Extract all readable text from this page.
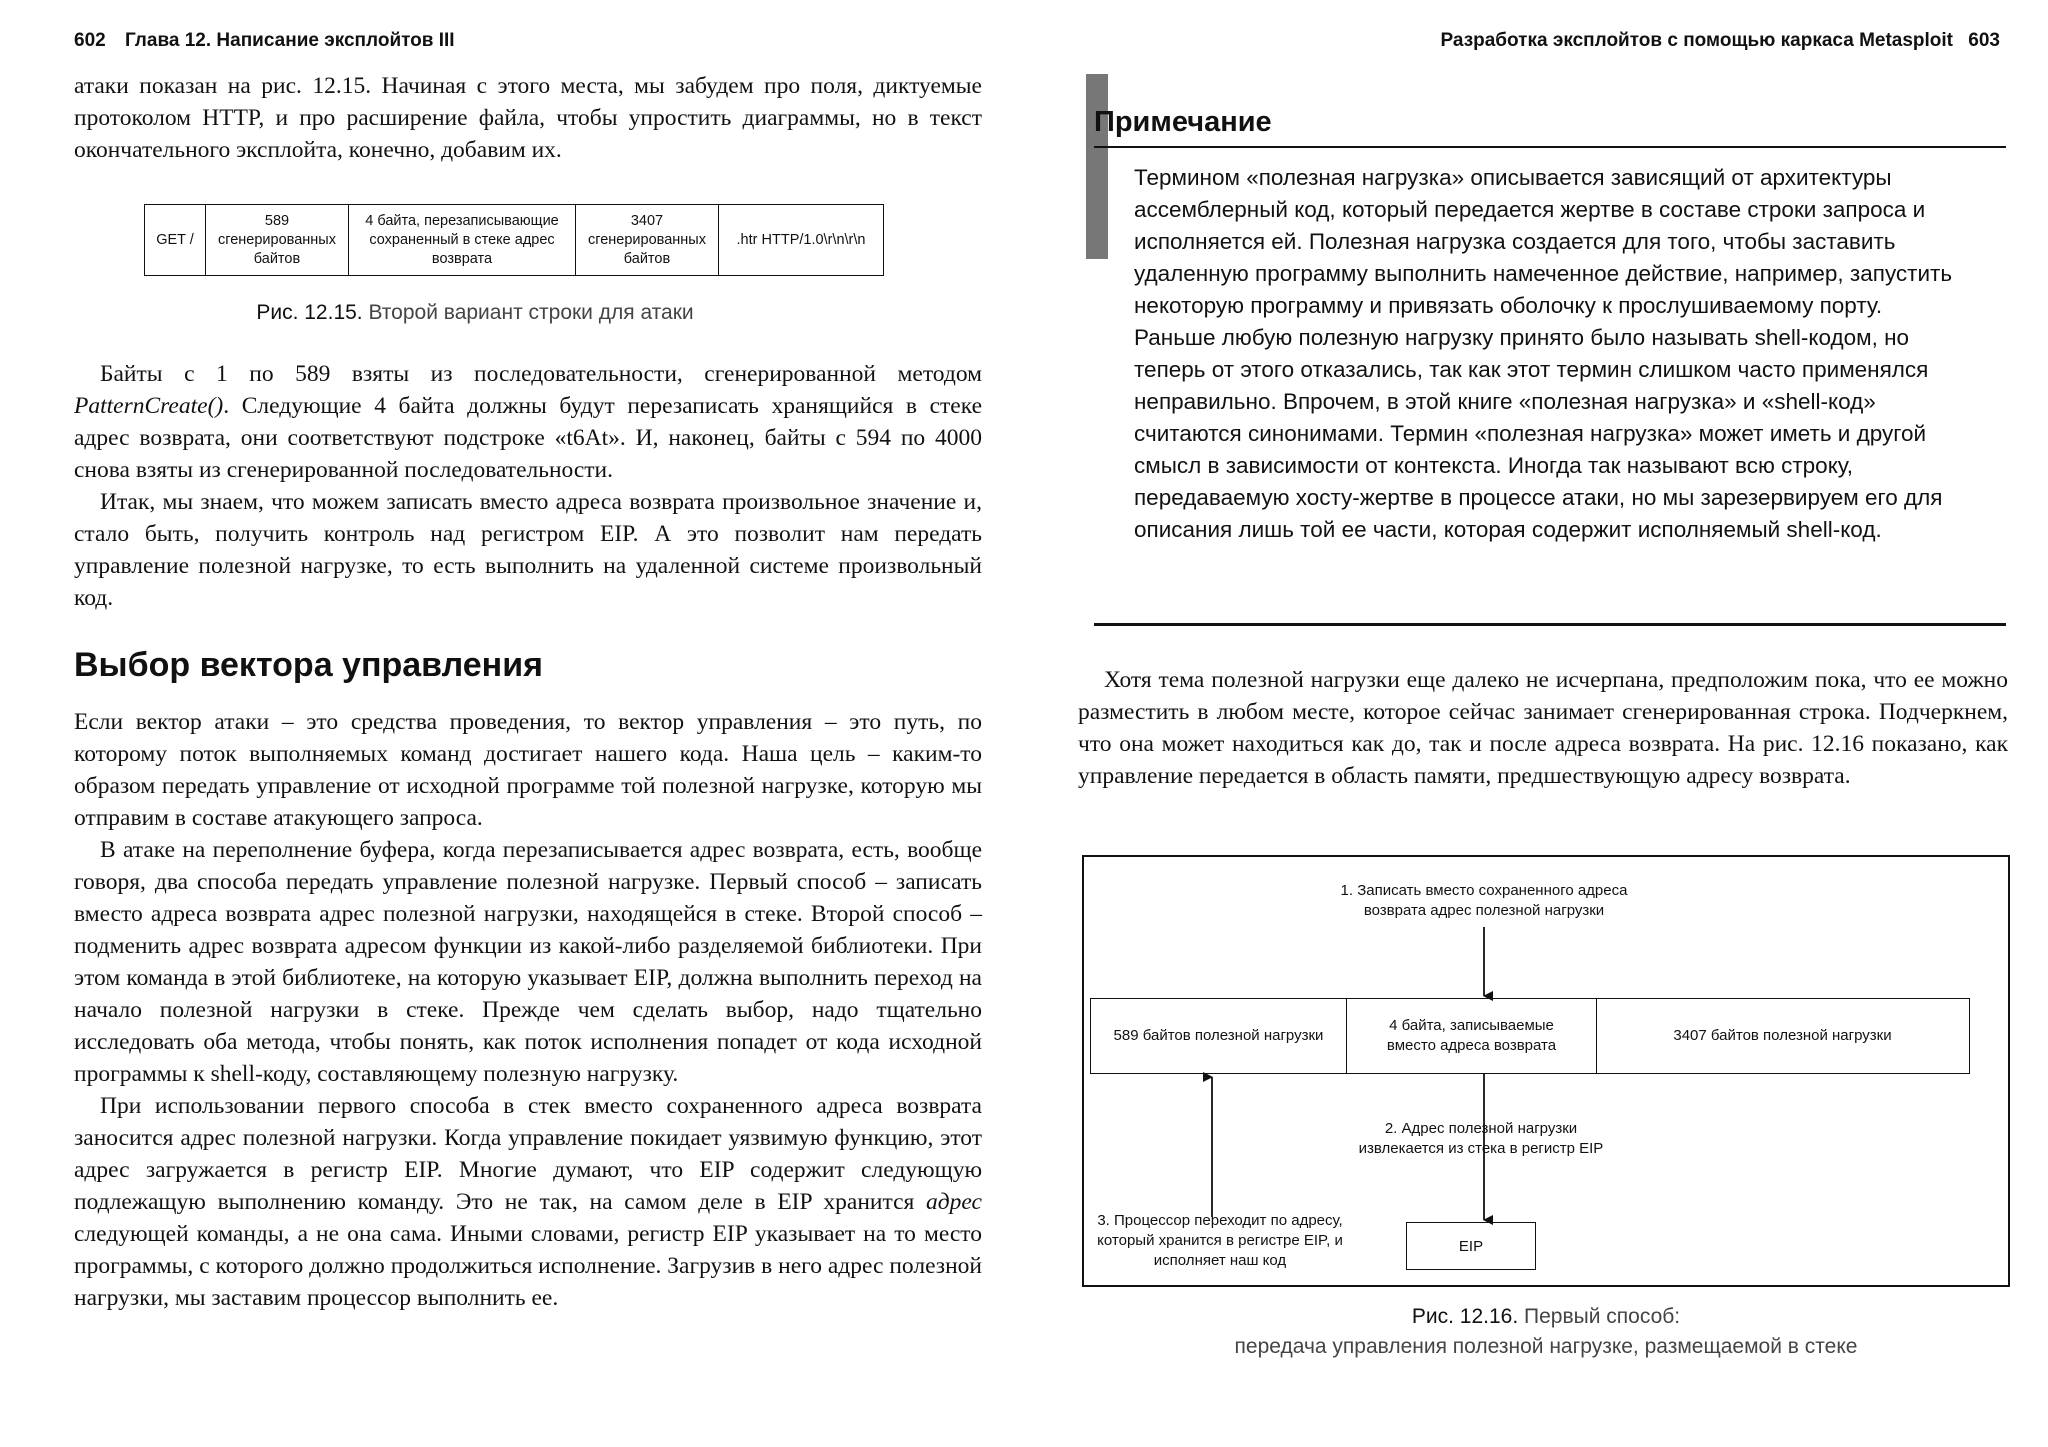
602 Глава 12. Написание эксплойтов III

атаки показан на рис. 12.15. Начиная с этого места, мы забудем про поля, диктуемые протоколом HTTP, и про расширение файла, чтобы упростить диаграммы, но в текст окончательного эксплойта, конечно, добавим их.

GET /	589 сгенерированных байтов	4 байта, перезаписывающие сохраненный в стеке адрес возврата	3407 сгенерированных байтов	.htr HTTP/1.0\r\n\r\n
Рис. 12.15. Второй вариант строки для атаки

Байты с 1 по 589 взяты из последовательности, сгенерированной методом PatternCreate(). Следующие 4 байта должны будут перезаписать хранящийся в стеке адрес возврата, они соответствуют подстроке «t6At». И, наконец, байты с 594 по 4000 снова взяты из сгенерированной последовательности.

Итак, мы знаем, что можем записать вместо адреса возврата произвольное значение и, стало быть, получить контроль над регистром EIP. А это позволит нам передать управление полезной нагрузке, то есть выполнить на удаленной системе произвольный код.

Выбор вектора управления

Если вектор атаки – это средства проведения, то вектор управления – это путь, по которому поток выполняемых команд достигает нашего кода. Наша цель – каким-то образом передать управление от исходной программе той полезной нагрузке, которую мы отправим в составе атакующего запроса.

В атаке на переполнение буфера, когда перезаписывается адрес возврата, есть, вообще говоря, два способа передать управление полезной нагрузке. Первый способ – записать вместо адреса возврата адрес полезной нагрузки, находящейся в стеке. Второй способ – подменить адрес возврата адресом функции из какой-либо разделяемой библиотеки. При этом команда в этой библиотеке, на которую указывает EIP, должна выполнить переход на начало полезной нагрузки в стеке. Прежде чем сделать выбор, надо тщательно исследовать оба метода, чтобы понять, как поток исполнения попадет от кода исходной программы к shell-коду, составляющему полезную нагрузку.

При использовании первого способа в стек вместо сохраненного адреса возврата заносится адрес полезной нагрузки. Когда управление покидает уязвимую функцию, этот адрес загружается в регистр EIP. Многие думают, что EIP содержит следующую подлежащую выполнению команду. Это не так, на самом деле в EIP хранится адрес следующей команды, а не она сама. Иными словами, регистр EIP указывает на то место программы, с которого должно продолжиться исполнение. Загрузив в него адрес полезной нагрузки, мы заставим процессор выполнить ее.

Разработка эксплойтов с помощью каркаса Metasploit 603
Примечание

Термином «полезная нагрузка» описывается зависящий от архитектуры ассемблерный код, который передается жертве в составе строки запроса и исполняется ей. Полезная нагрузка создается для того, чтобы заставить удаленную программу выполнить намеченное действие, например, запустить некоторую программу и привязать оболочку к прослушиваемому порту.

Раньше любую полезную нагрузку принято было называть shell-кодом, но теперь от этого отказались, так как этот термин слишком часто применялся неправильно. Впрочем, в этой книге «полезная нагрузка» и «shell-код» считаются синонимами. Термин «полезная нагрузка» может иметь и другой смысл в зависимости от контекста. Иногда так называют всю строку, передаваемую хосту-жертве в процессе атаки, но мы зарезервируем его для описания лишь той ее части, которая содержит исполняемый shell-код.

Хотя тема полезной нагрузки еще далеко не исчерпана, предположим пока, что ее можно разместить в любом месте, которое сейчас занимает сгенерированная строка. Подчеркнем, что она может находиться как до, так и после адреса возврата. На рис. 12.16 показано, как управление передается в область памяти, предшествующую адресу возврата.

1. Записать вместо сохраненного адреса возврата адрес полезной нагрузки
589 байтов полезной нагрузки
4 байта, записываемые вместо адреса возврата
3407 байтов полезной нагрузки
2. Адрес полезной нагрузки извлекается из стека в регистр EIP
3. Процессор переходит по адресу, который хранится в регистре EIP, и исполняет наш код
EIP
Рис. 12.16. Первый способ:
передача управления полезной нагрузке, размещаемой в стеке
